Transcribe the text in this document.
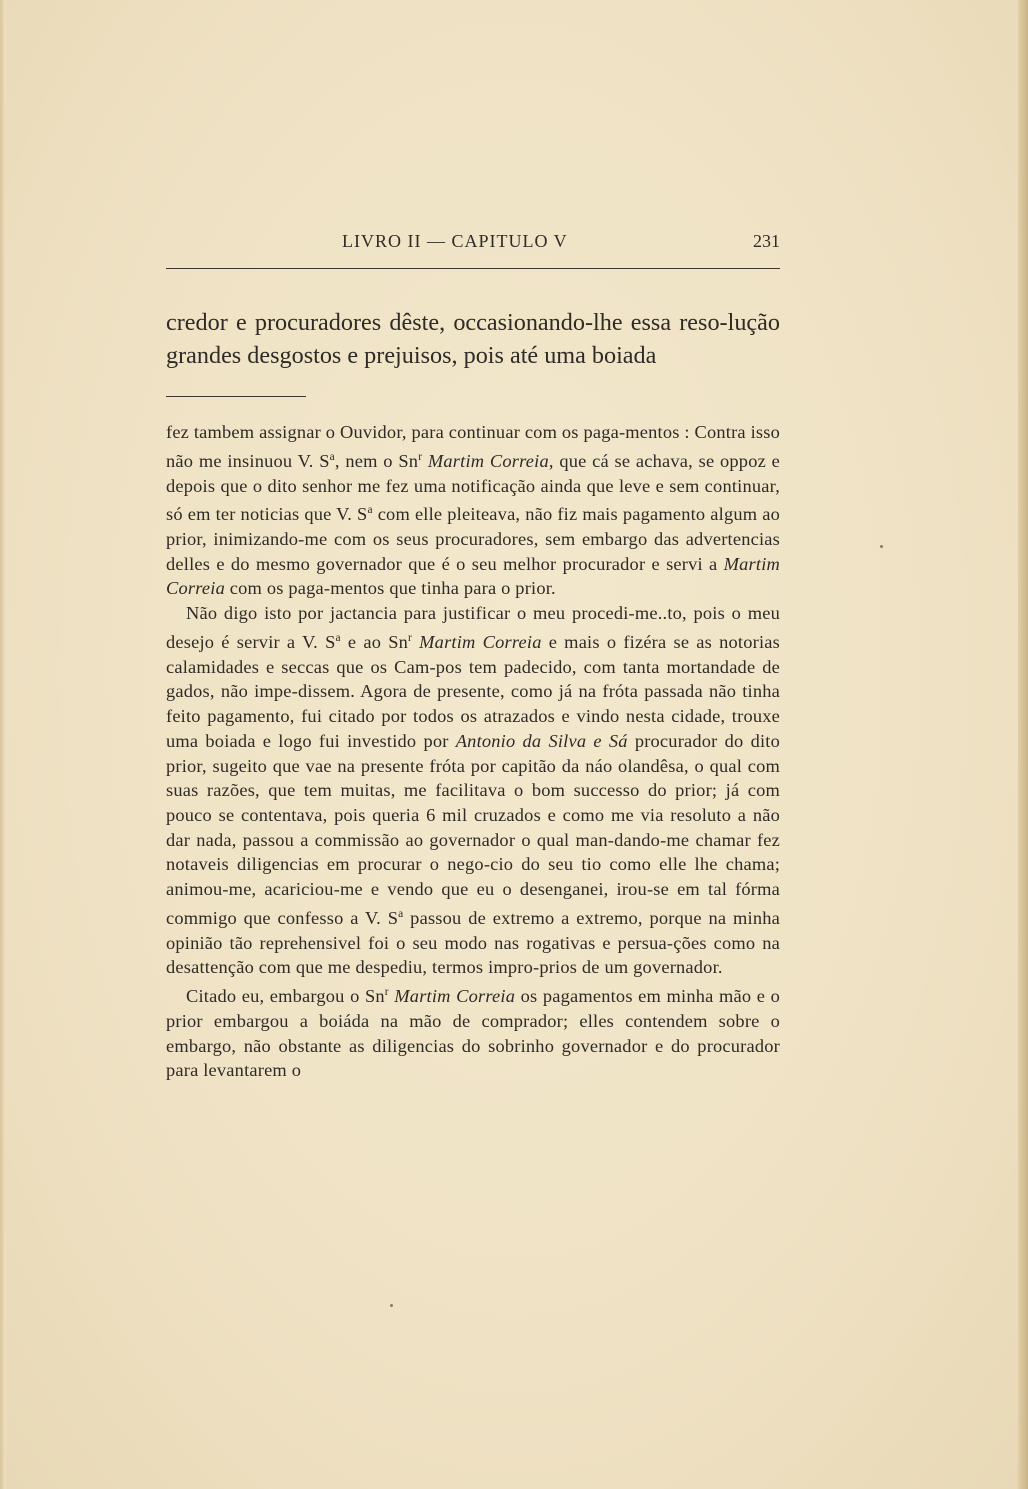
LIVRO II — CAPITULO V	231
credor e procuradores dêste, occasionando-lhe essa reso-lução grandes desgostos e prejuisos, pois até uma boiada

fez tambem assignar o Ouvidor, para continuar com os paga-mentos : Contra isso não me insinuou V. $S^a$, nem o Sn$^r$ Martim Correia, que cá se achava, se oppoz e depois que o dito senhor me fez uma notificação ainda que leve e sem continuar, só em ter noticias que V. $S^a$ com elle pleiteava, não fiz mais pagamento algum ao prior, inimizando-me com os seus procuradores, sem embargo das advertencias delles e do mesmo governador que é o seu melhor procurador e servi a Martim Correia com os paga-mentos que tinha para o prior.

Não digo isto por jactancia para justificar o meu procedi-me..to, pois o meu desejo é servir a V. $S^a$ e ao Sn$^r$ Martim Correia e mais o fizéra se as notorias calamidades e seccas que os Cam-pos tem padecido, com tanta mortandade de gados, não impe-dissem. Agora de presente, como já na fróta passada não tinha feito pagamento, fui citado por todos os atrazados e vindo nesta cidade, trouxe uma boiada e logo fui investido por Antonio da Silva e Sá procurador do dito prior, sugeito que vae na presente fróta por capitão da náo olandêsa, o qual com suas razões, que tem muitas, me facilitava o bom successo do prior; já com pouco se contentava, pois queria 6 mil cruzados e como me via resoluto a não dar nada, passou a commissão ao governador o qual man-dando-me chamar fez notaveis diligencias em procurar o nego-cio do seu tio como elle lhe chama; animou-me, acariciou-me e vendo que eu o desenganei, irou-se em tal fórma commigo que confesso a V. $S^a$ passou de extremo a extremo, porque na minha opinião tão reprehensivel foi o seu modo nas rogativas e persua-ções como na desattenção com que me despediu, termos impro-prios de um governador.

Citado eu, embargou o Sn$^r$ Martim Correia os pagamentos em minha mão e o prior embargou a boiáda na mão de comprador; elles contendem sobre o embargo, não obstante as diligencias do sobrinho governador e do procurador para levantarem o
